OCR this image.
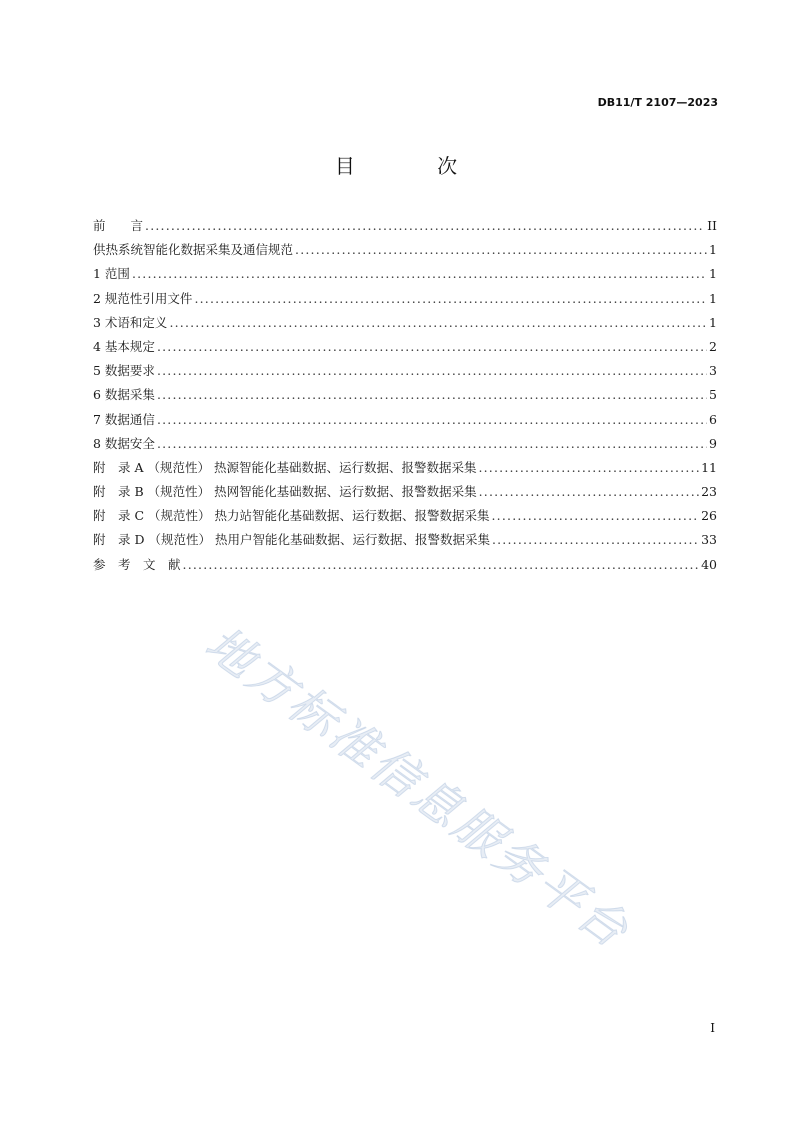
DB11/T 2107—2023
目 次
前　　言 .....	II
供热系统智能化数据采集及通信规范 .....	1
1 范围 .....	1
2 规范性引用文件 .....	1
3 术语和定义 .....	1
4 基本规定 .....	2
5 数据要求 .....	3
6 数据采集 .....	5
7 数据通信 .....	6
8 数据安全 .....	9
附　录 A （规范性） 热源智能化基础数据、运行数据、报警数据采集 .....	11
附　录 B （规范性） 热网智能化基础数据、运行数据、报警数据采集 .....	23
附　录 C （规范性） 热力站智能化基础数据、运行数据、报警数据采集 .....	26
附　录 D （规范性） 热用户智能化基础数据、运行数据、报警数据采集 .....	33
参　考　文　献 .....	40
地方标准信息服务平台
I
